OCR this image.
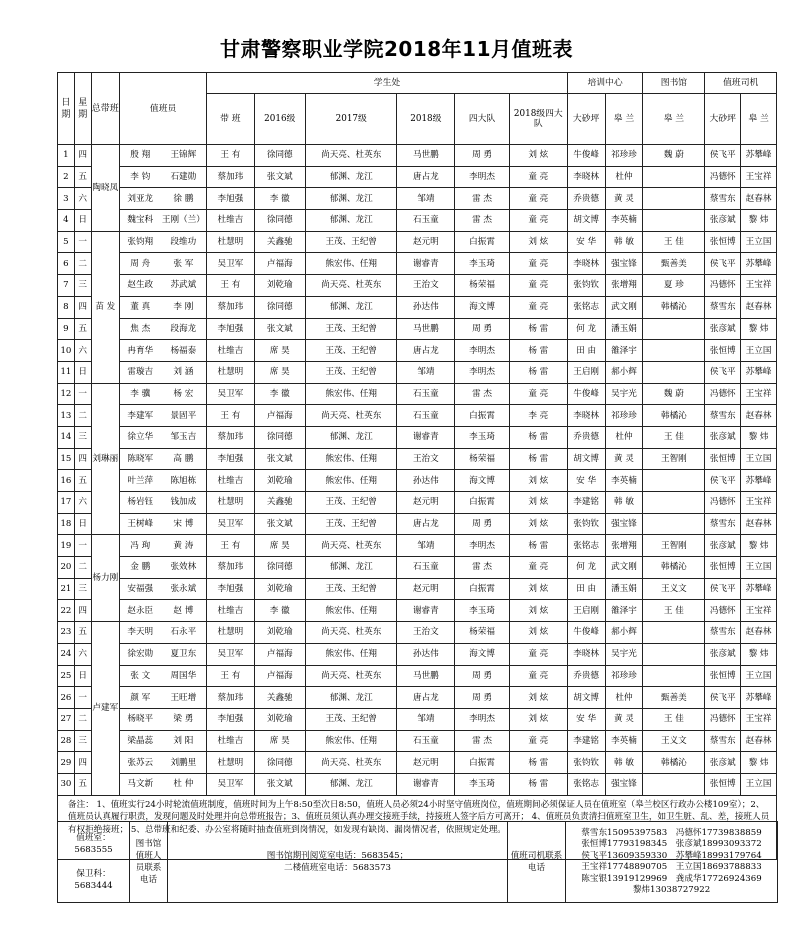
甘肃警察职业学院2018年11月值班表
日期	星期	总带班	值班员		学生处						培训中心		图书馆	值班司机	
					带 班	2016级	2017级	2018级	四大队	2018级四大队	大砂坪	皋 兰	皋 兰	大砂坪	皋 兰
1	四	陶晓凤	殷 翔	王锦辉	王 有	徐同德	尚天亮、杜英东	马世鹏	周 勇	刘 炫	牛俊峰	祁珍珍	魏 蔚	侯飞平	苏攀峰
2	五		李 钧	石建勋	蔡加玮	张文斌	郁渊、龙江	唐占龙	李明杰	童 亮	李晓林	杜仲		冯德怀	王宝祥
3	六		刘亚龙	徐 鹏	李旭强	李 徽	郁渊、龙江	邹靖	雷 杰	童 亮	乔贵德	黄 灵		蔡雪东	赵春林
4	日		魏宝科	王刚（兰）	杜维吉	徐同德	郁渊、龙江	石玉童	雷 杰	童 亮	胡文博	李英楠		张彦斌	黎 炜
5	一	苗 发	张钧翔	段维功	杜慧明	关鑫驰	王茂、王纪曾	赵元明	白振霄	刘 炫	安 华	韩 敏	王 佳	张恒博	王立国
6	二		周 舟	张 军	吴卫军	卢福海	熊宏伟、任翔	谢睿青	李玉琦	童 亮	李晓林	强宝锋	甄善美	侯飞平	苏攀峰
7	三		赵生政	苏武斌	王 有	刘乾瑜	尚天亮、杜英东	王治文	杨荣福	童 亮	张钧钦	张增翔	夏 珍	冯德怀	王宝祥
8	四		董 真	李 刚	蔡加玮	徐同德	郁渊、龙江	孙达伟	海文博	童 亮	张铭志	武文刚	韩橘沁	蔡雪东	赵春林
9	五		焦 杰	段海龙	李旭强	张文斌	王茂、王纪曾	马世鹏	周 勇	杨 雷	何 龙	潘玉娟		张彦斌	黎 炜
10	六		冉育华	杨福泰	杜维吉	席 昊	王茂、王纪曾	唐占龙	李明杰	杨 雷	田 由	雒泽宇		张恒博	王立国
11	日		雷璇吉	刘 涵	杜慧明	席 昊	王茂、王纪曾	邹靖	李明杰	杨 雷	王启刚	郝小辉		侯飞平	苏攀峰
12	一	刘琳丽	李 骥	杨 宏	吴卫军	李 徽	熊宏伟、任翔	石玉童	雷 杰	童 亮	牛俊峰	吴宇光	魏 蔚	冯德怀	王宝祥
13	二		李建军	景固平	王 有	卢福海	尚天亮、杜英东	石玉童	白振霄	李 亮	李晓林	祁珍珍	韩橘沁	蔡雪东	赵春林
14	三		徐立华	邹玉吉	蔡加玮	徐同德	郁渊、龙江	谢睿青	李玉琦	杨 雷	乔贵德	杜仲	王 佳	张彦斌	黎 炜
15	四		陈晓军	高 鹏	李旭强	张文斌	熊宏伟、任翔	王治文	杨荣福	杨 雷	胡文博	黄 灵	王智刚	张恒博	王立国
16	五		叶兰萍	陈旭栋	杜维吉	刘乾瑜	熊宏伟、任翔	孙达伟	海文博	刘 炫	安 华	李英楠		侯飞平	苏攀峰
17	六		杨岩钰	钱加成	杜慧明	关鑫驰	王茂、王纪曾	赵元明	白振霄	刘 炫	李建铭	韩 敏		冯德怀	王宝祥
18	日		王树峰	宋 博	吴卫军	张文斌	王茂、王纪曾	唐占龙	周 勇	刘 炫	张钧钦	强宝锋		蔡雪东	赵春林
19	一	杨力刚	冯 珣	黄 涛	王 有	席 昊	尚天亮、杜英东	邹靖	李明杰	杨 雷	张铭志	张增翔	王智刚	张彦斌	黎 炜
20	二		金 鹏	张效林	蔡加玮	徐同德	郁渊、龙江	石玉童	雷 杰	童 亮	何 龙	武文刚	韩橘沁	张恒博	王立国
21	三		安福强	张永斌	李旭强	刘乾瑜	王茂、王纪曾	赵元明	白振霄	刘 炫	田 由	潘玉娟	王义文	侯飞平	苏攀峰
22	四		赵永臣	赵 博	杜维吉	李 徽	熊宏伟、任翔	谢睿青	李玉琦	刘 炫	王启刚	雒泽宇	王 佳	冯德怀	王宝祥
23	五	卢建军	李天明	石永平	杜慧明	刘乾瑜	尚天亮、杜英东	王治文	杨荣福	刘 炫	牛俊峰	郝小辉		蔡雪东	赵春林
24	六		徐宏勋	夏卫东	吴卫军	卢福海	熊宏伟、任翔	孙达伟	海文博	童 亮	李晓林	吴宇光		张彦斌	黎 炜
25	日		张 文	周国华	王 有	卢福海	尚天亮、杜英东	马世鹏	周 勇	童 亮	乔贵德	祁珍珍		张恒博	王立国
26	一		颜 军	王旺增	蔡加玮	关鑫驰	郁渊、龙江	唐占龙	周 勇	刘 炫	胡文博	杜仲	甄善美	侯飞平	苏攀峰
27	二		杨晓平	梁 勇	李旭强	刘乾瑜	王茂、王纪曾	邹靖	李明杰	刘 炫	安 华	黄 灵	王 佳	冯德怀	王宝祥
28	三		梁晶蕊	刘 阳	杜维吉	席 昊	熊宏伟、任翔	石玉童	雷 杰	童 亮	李建铭	李英楠	王义文	蔡雪东	赵春林
29	四		张苏云	刘鹏里	杜慧明	徐同德	尚天亮、杜英东	赵元明	白振霄	杨 雷	张钧钦	韩 敏	韩橘沁	张彦斌	黎 炜
30	五		马文新	杜 仲	吴卫军	张文斌	郁渊、龙江	谢睿青	李玉琦	杨 雷	张铭志	强宝锋		张恒博	王立国
备注： 1、值班实行24小时轮流值班制度，值班时间为上午8:50至次日8:50，值班人员必须24小时坚守值班岗位，值班期间必须保证人员在值班室（皋兰校区行政办公楼109室）；2、值班员认真履行职责，发现问题及时处理并向总带班报告；3、值班员须认真办理交接班手续，持接班人签字后方可离开； 4、值班员负责清扫值班室卫生，如卫生脏、乱、差，接班人员有权拒绝接班； 5、总带班和纪委、办公室将随时抽查值班到岗情况，如发现有缺岗、漏岗情况者，依照规定处理。															
值班室：
5683555
保卫科：
5683444
	图书馆值班人员联系电话	
图书馆期刊阅览室电话：5683545；
二楼值班室电话：5683573
	值班司机联系电话	
蔡雪东15095397583　冯德怀17739838859
张恒博17793198345　张彦斌18993093372
侯飞平13609359330　苏攀峰18993179764
王宝祥17748890705　王立国18693788833
陈宝银13919129969　龚成华17726924369
黎炜13038727922
